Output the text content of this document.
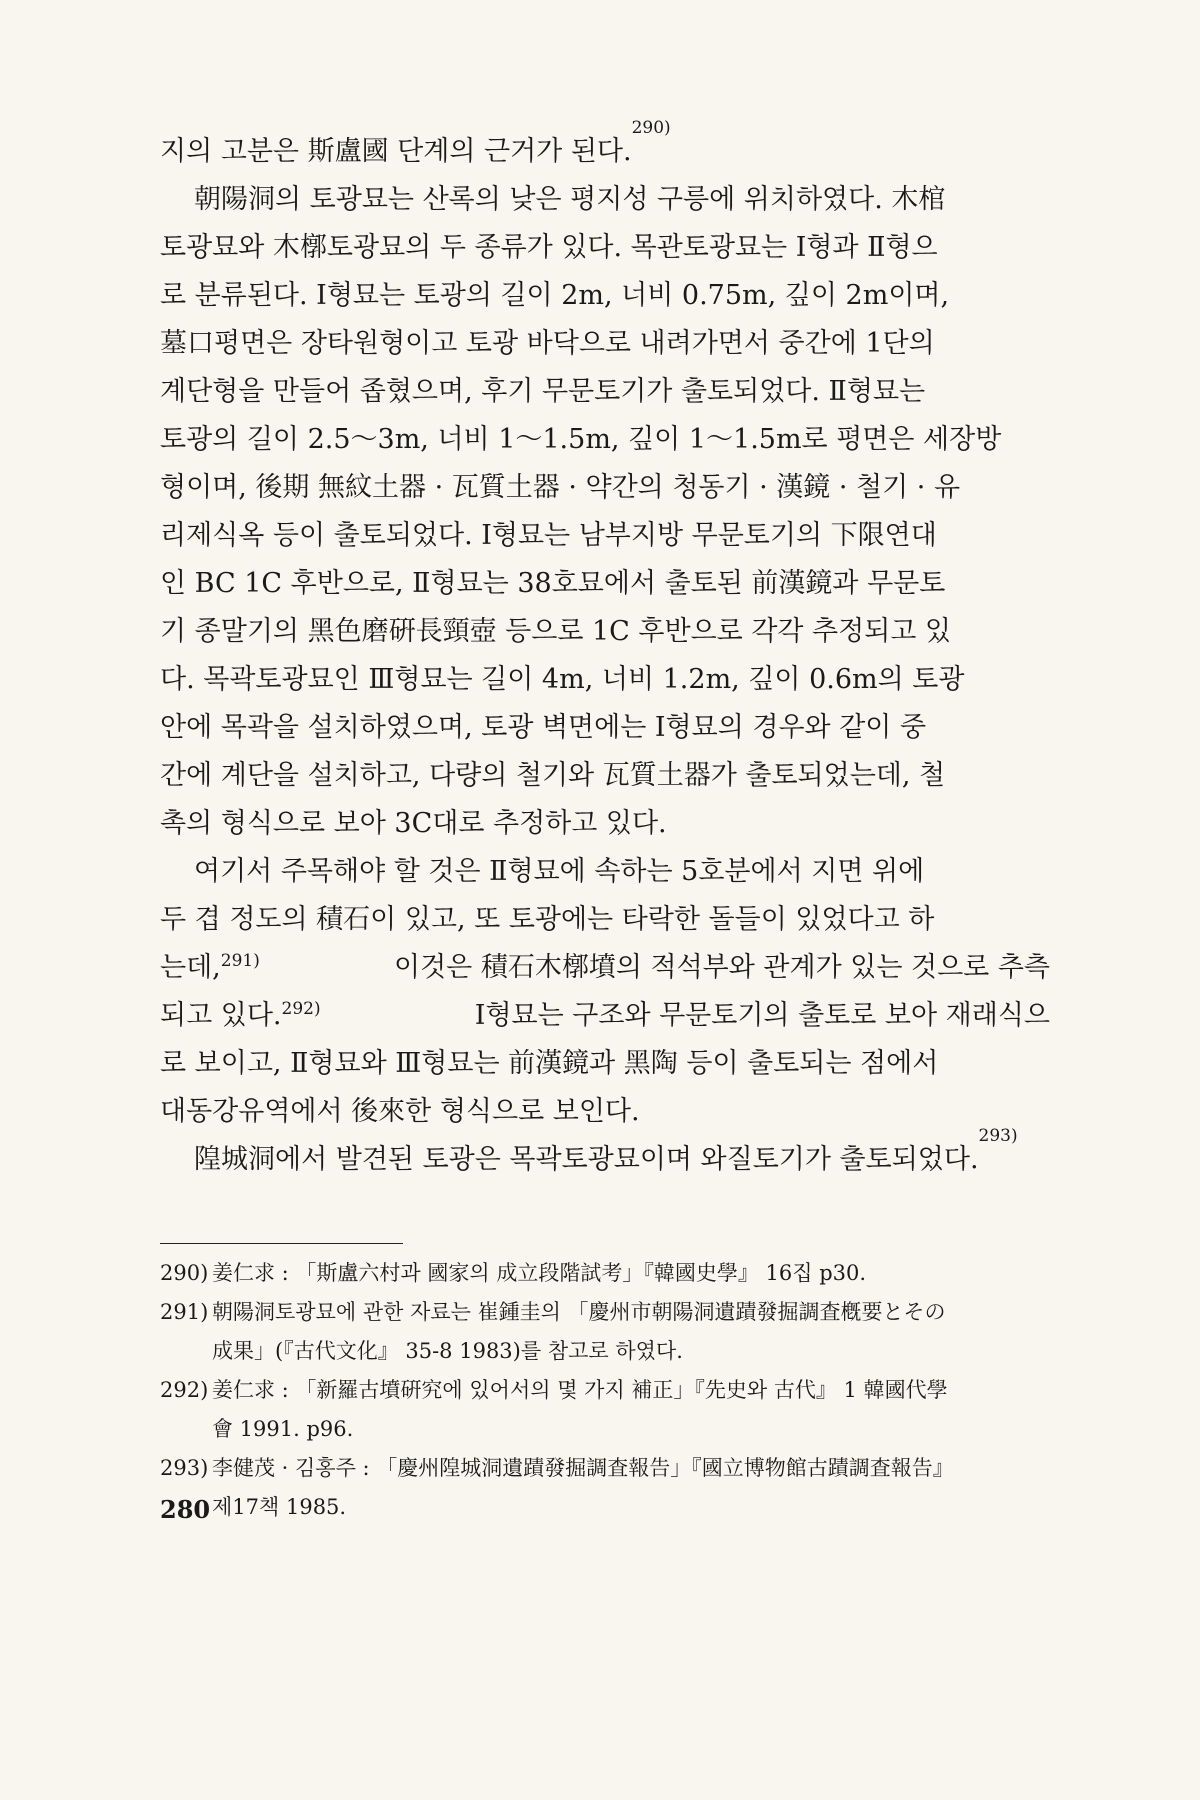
지의 고분은 斯盧國 단계의 근거가 된다.
290)
朝陽洞의 토광묘는 산록의 낮은 평지성 구릉에 위치하였다. 木棺
토광묘와 木槨토광묘의 두 종류가 있다. 목관토광묘는 I형과 Ⅱ형으
로 분류된다. I형묘는 토광의 길이 2m, 너비 0.75m, 깊이 2m이며,
墓口평면은 장타원형이고 토광 바닥으로 내려가면서 중간에 1단의
계단형을 만들어 좁혔으며, 후기 무문토기가 출토되었다. Ⅱ형묘는
토광의 길이 2.5～3m, 너비 1～1.5m, 깊이 1～1.5m로 평면은 세장방
형이며, 後期 無紋土器 · 瓦質土器 · 약간의 청동기 · 漢鏡 · 철기 · 유
리제식옥 등이 출토되었다. I형묘는 남부지방 무문토기의 下限연대
인 BC 1C 후반으로, Ⅱ형묘는 38호묘에서 출토된 前漢鏡과 무문토
기 종말기의 黑色磨硏長頸壺 등으로 1C 후반으로 각각 추정되고 있
다. 목곽토광묘인 Ⅲ형묘는 길이 4m, 너비 1.2m, 깊이 0.6m의 토광
안에 목곽을 설치하였으며, 토광 벽면에는 I형묘의 경우와 같이 중
간에 계단을 설치하고, 다량의 철기와 瓦質土器가 출토되었는데, 철
촉의 형식으로 보아 3C대로 추정하고 있다.
여기서 주목해야 할 것은 Ⅱ형묘에 속하는 5호분에서 지면 위에
두 겹 정도의 積石이 있고, 또 토광에는 타락한 돌들이 있었다고 하
는데,$^{291)}$	이것은 積石木槨墳의 적석부와 관계가 있는 것으로 추측
되고 있다.$^{292)}$	I형묘는 구조와 무문토기의 출토로 보아 재래식으
로 보이고, Ⅱ형묘와 Ⅲ형묘는 前漢鏡과 黑陶 등이 출토되는 점에서
대동강유역에서 後來한 형식으로 보인다.
隍城洞에서 발견된 토광은 목곽토광묘이며 와질토기가 출토되었다.
293)
290) 姜仁求 : 「斯盧六村과 國家의 成立段階試考」『韓國史學』 16집 p30.
291) 朝陽洞토광묘에 관한 자료는 崔鍾圭의 「慶州市朝陽洞遺蹟發掘調査槪要とその
成果」(『古代文化』 35-8 1983)를 참고로 하였다.
292) 姜仁求 : 「新羅古墳硏究에 있어서의 몇 가지 補正」『先史와 古代』 1 韓國代學
會 1991. p96.
293) 李健茂 · 김홍주 : 「慶州隍城洞遺蹟發掘調査報告」『國立博物館古蹟調査報告』
제17책 1985.
280
